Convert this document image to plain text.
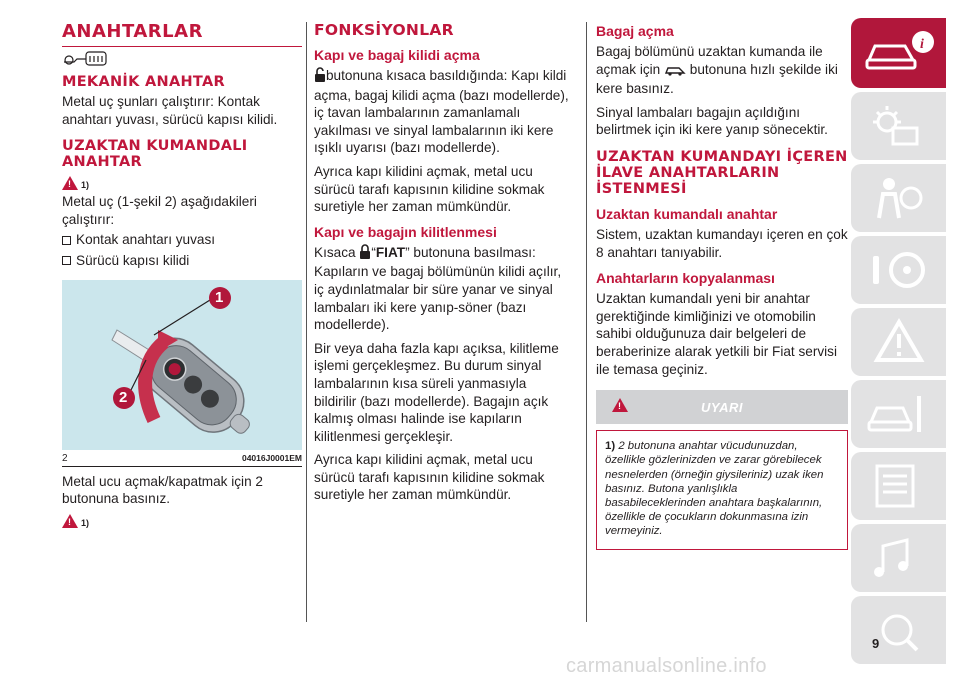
ANAHTARLAR
MEKANİK ANAHTAR
Metal uç şunları çalıştırır: Kontak anahtarı yuvası, sürücü kapısı kilidi.
UZAKTAN KUMANDALI ANAHTAR
! 1)
Metal uç (1-şekil 2) aşağıdakileri çalıştırır:
Kontak anahtarı yuvası
Sürücü kapısı kilidi
1
2
2	04016J0001EM
Metal ucu açmak/kapatmak için 2 butonuna basınız.
! 1)
FONKSİYONLAR
Kapı ve bagaj kilidi açma
butonuna kısaca basıldığında: Kapı kildi açma, bagaj kilidi açma (bazı modellerde), iç tavan lambalarının zamanlamalı yakılması ve sinyal lambalarının iki kere ışıklı uyarısı (bazı modellerde).
Ayrıca kapı kilidini açmak, metal ucu sürücü tarafı kapısının kilidine sokmak suretiyle her zaman mümkündür.
Kapı ve bagajın kilitlenmesi
Kısaca “FIAT” butonuna basılması: Kapıların ve bagaj bölümünün kilidi açılır, iç aydınlatmalar bir süre yanar ve sinyal lambaları iki kere yanıp-söner (bazı modellerde).
Bir veya daha fazla kapı açıksa, kilitleme işlemi gerçekleşmez. Bu durum sinyal lambalarının kısa süreli yanmasıyla bildirilir (bazı modellerde). Bagajın açık kalmış olması halinde ise kapıların kilitlenmesi gerçekleşir.
Ayrıca kapı kilidini açmak, metal ucu sürücü tarafı kapısının kilidine sokmak suretiyle her zaman mümkündür.
Bagaj açma
Bagaj bölümünü uzaktan kumanda ile açmak için butonuna hızlı şekilde iki kere basınız.
Sinyal lambaları bagajın açıldığını belirtmek için iki kere yanıp sönecektir.
UZAKTAN KUMANDAYI İÇEREN İLAVE ANAHTARLARIN İSTENMESİ
Uzaktan kumandalı anahtar
Sistem, uzaktan kumandayı içeren en çok 8 anahtarı tanıyabilir.
Anahtarların kopyalanması
Uzaktan kumandalı yeni bir anahtar gerektiğinde kimliğinizi ve otomobilin sahibi olduğunuza dair belgeleri de beraberinize alarak yetkili bir Fiat servisi ile temasa geçiniz.
!	UYARI
1) 2 butonuna anahtar vücudunuzdan, özellikle gözlerinizden ve zarar görebilecek nesnelerden (örneğin giysileriniz) uzak iken basınız. Butona yanlışlıkla basabileceklerinden anahtara başkalarının, özellikle de çocukların dokunmasına izin vermeyiniz.
i
9
carmanualsonline.info
